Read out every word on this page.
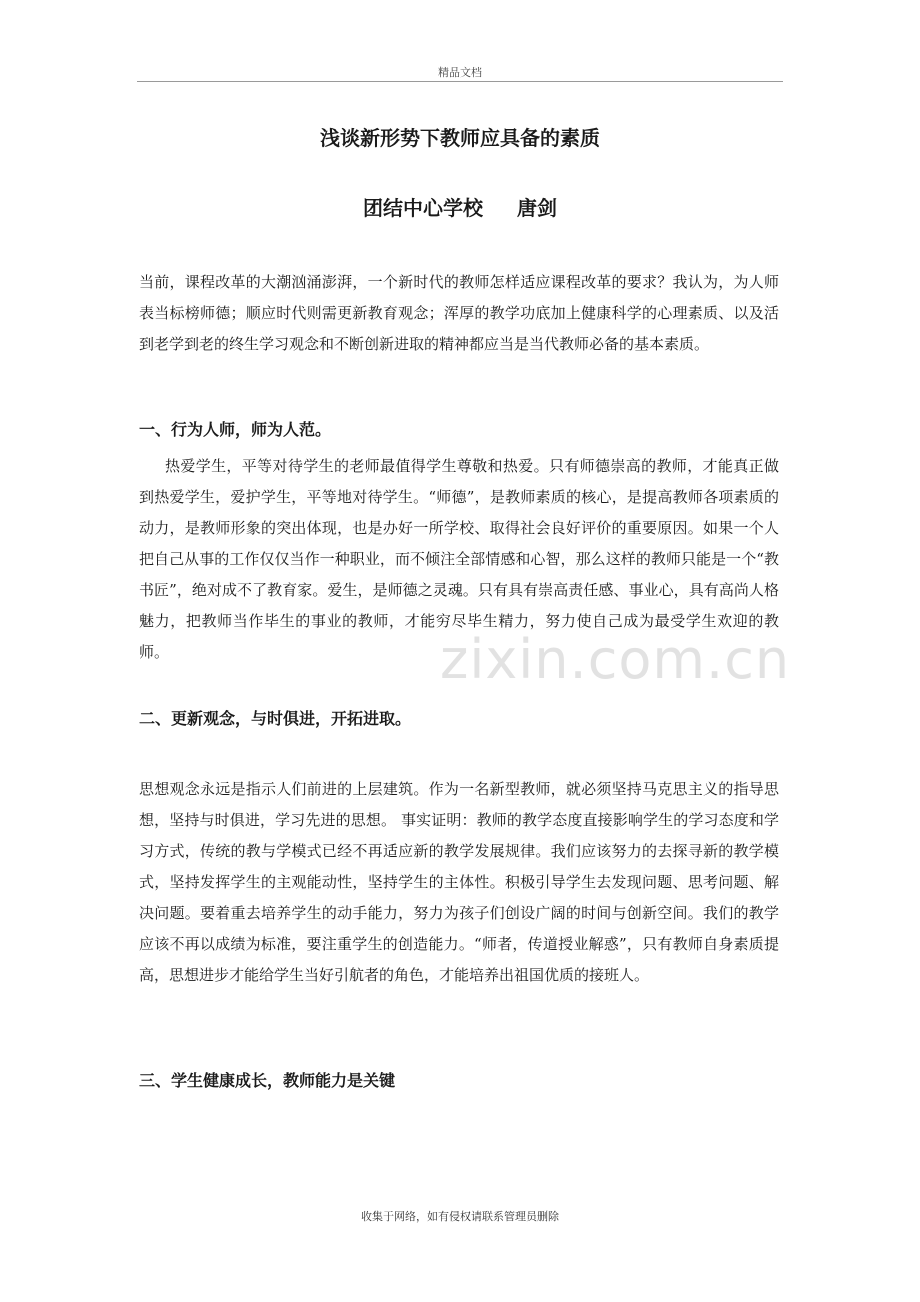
精品文档
浅谈新形势下教师应具备的素质
团结中心学校 唐剑

当前，课程改革的大潮汹涌澎湃，一个新时代的教师怎样适应课程改革的要求？我认为，为人师表当标榜师德；顺应时代则需更新教育观念；浑厚的教学功底加上健康科学的心理素质、以及活到老学到老的终生学习观念和不断创新进取的精神都应当是当代教师必备的基本素质。

一、行为人师，师为人范。

热爱学生，平等对待学生的老师最值得学生尊敬和热爱。只有师德崇高的教师，才能真正做到热爱学生，爱护学生，平等地对待学生。“师德”，是教师素质的核心，是提高教师各项素质的动力，是教师形象的突出体现，也是办好一所学校、取得社会良好评价的重要原因。如果一个人把自己从事的工作仅仅当作一种职业，而不倾注全部情感和心智，那么这样的教师只能是一个“教书匠”，绝对成不了教育家。爱生，是师德之灵魂。只有具有崇高责任感、事业心，具有高尚人格魅力，把教师当作毕生的事业的教师，才能穷尽毕生精力，努力使自己成为最受学生欢迎的教师。

二、更新观念，与时俱进，开拓进取。

思想观念永远是指示人们前进的上层建筑。作为一名新型教师，就必须坚持马克思主义的指导思想，坚持与时俱进，学习先进的思想。 事实证明：教师的教学态度直接影响学生的学习态度和学习方式，传统的教与学模式已经不再适应新的教学发展规律。我们应该努力的去探寻新的教学模式，坚持发挥学生的主观能动性，坚持学生的主体性。积极引导学生去发现问题、思考问题、解决问题。要着重去培养学生的动手能力，努力为孩子们创设广阔的时间与创新空间。我们的教学应该不再以成绩为标准，要注重学生的创造能力。“师者，传道授业解惑”，只有教师自身素质提高，思想进步才能给学生当好引航者的角色，才能培养出祖国优质的接班人。

三、学生健康成长，教师能力是关键

zixin.com.cn
收集于网络，如有侵权请联系管理员删除
